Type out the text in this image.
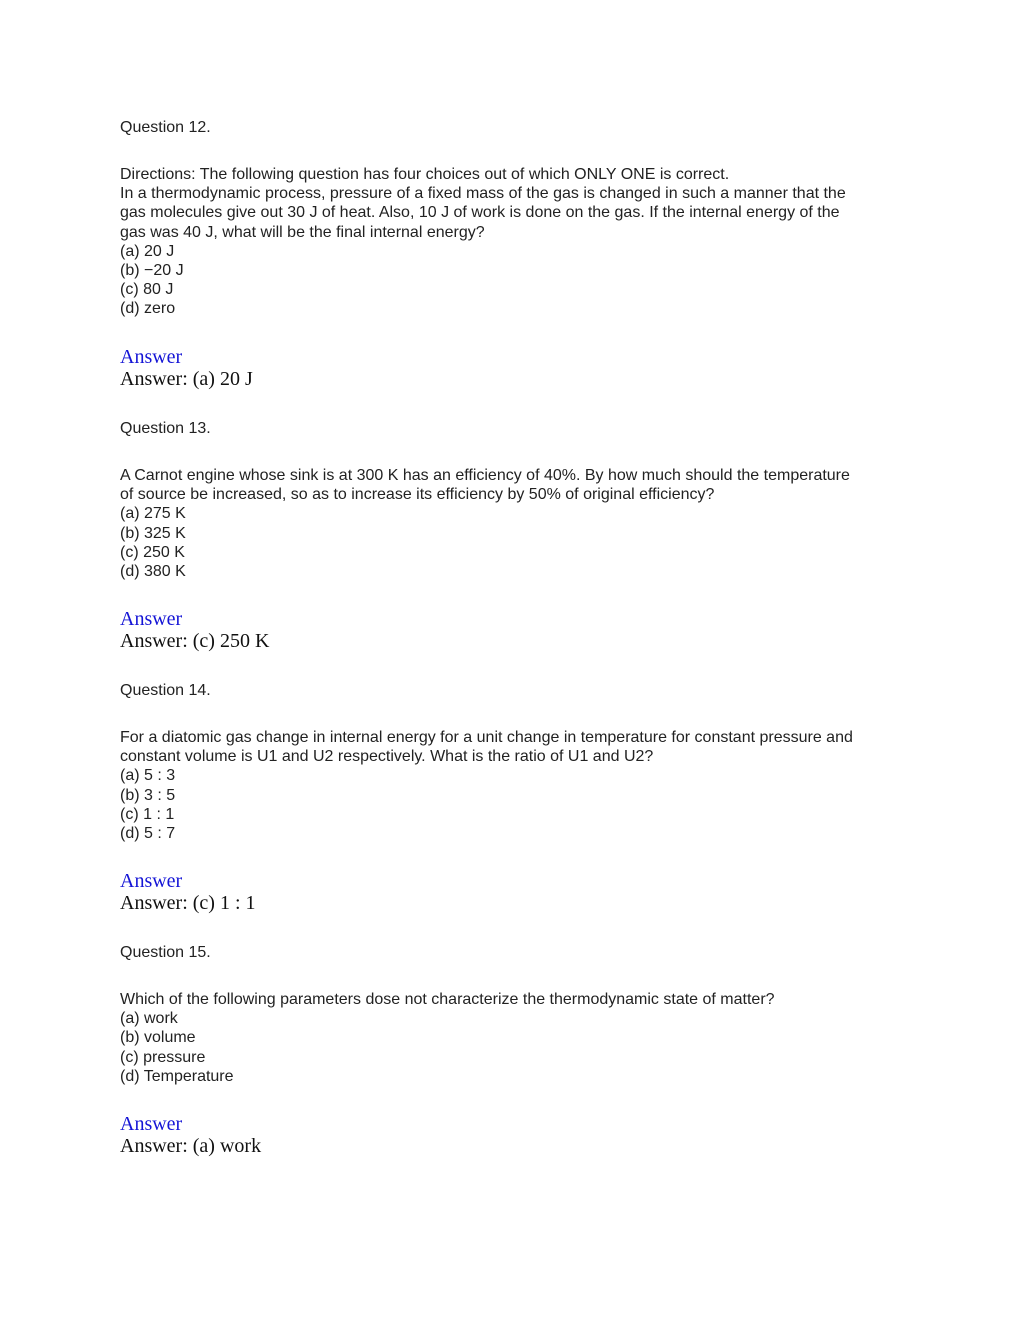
Question 12.
Directions: The following question has four choices out of which ONLY ONE is correct.
In a thermodynamic process, pressure of a fixed mass of the gas is changed in such a manner that the
gas molecules give out 30 J of heat. Also, 10 J of work is done on the gas. If the internal energy of the
gas was 40 J, what will be the final internal energy?
(a) 20 J
(b) −20 J
(c) 80 J
(d) zero
Answer
Answer: (a) 20 J
Question 13.
A Carnot engine whose sink is at 300 K has an efficiency of 40%. By how much should the temperature
of source be increased, so as to increase its efficiency by 50% of original efficiency?
(a) 275 K
(b) 325 K
(c) 250 K
(d) 380 K
Answer
Answer: (c) 250 K
Question 14.
For a diatomic gas change in internal energy for a unit change in temperature for constant pressure and
constant volume is U1 and U2 respectively. What is the ratio of U1 and U2?
(a) 5 : 3
(b) 3 : 5
(c) 1 : 1
(d) 5 : 7
Answer
Answer: (c) 1 : 1
Question 15.
Which of the following parameters dose not characterize the thermodynamic state of matter?
(a) work
(b) volume
(c) pressure
(d) Temperature
Answer
Answer: (a) work
